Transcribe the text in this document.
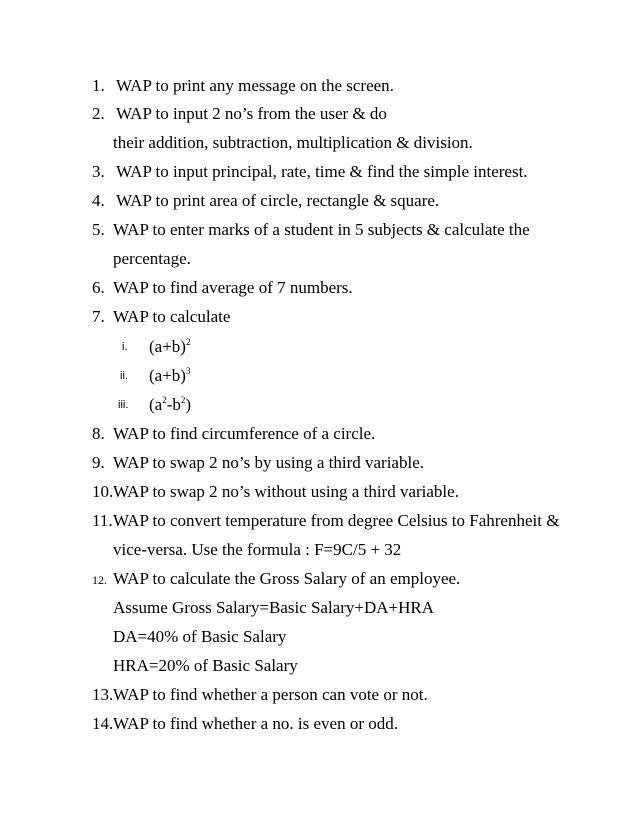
1. WAP to print any message on the screen.
2. WAP to input 2 no’s from the user & do
their addition, subtraction, multiplication & division.
3. WAP to input principal, rate, time & find the simple interest.
4. WAP to print area of circle, rectangle & square.
5. WAP to enter marks of a student in 5 subjects & calculate the
percentage.
6. WAP to find average of 7 numbers.
7. WAP to calculate
i. $(a+b)^2$
ii. $(a+b)^3$
iii. $(a^2-b^2)$
8. WAP to find circumference of a circle.
9. WAP to swap 2 no’s by using a third variable.
10.WAP to swap 2 no’s without using a third variable.
11.WAP to convert temperature from degree Celsius to Fahrenheit &
vice-versa. Use the formula : F=9C/5 + 32
12. WAP to calculate the Gross Salary of an employee.
Assume Gross Salary=Basic Salary+DA+HRA
DA=40% of Basic Salary
HRA=20% of Basic Salary
13.WAP to find whether a person can vote or not.
14.WAP to find whether a no. is even or odd.
